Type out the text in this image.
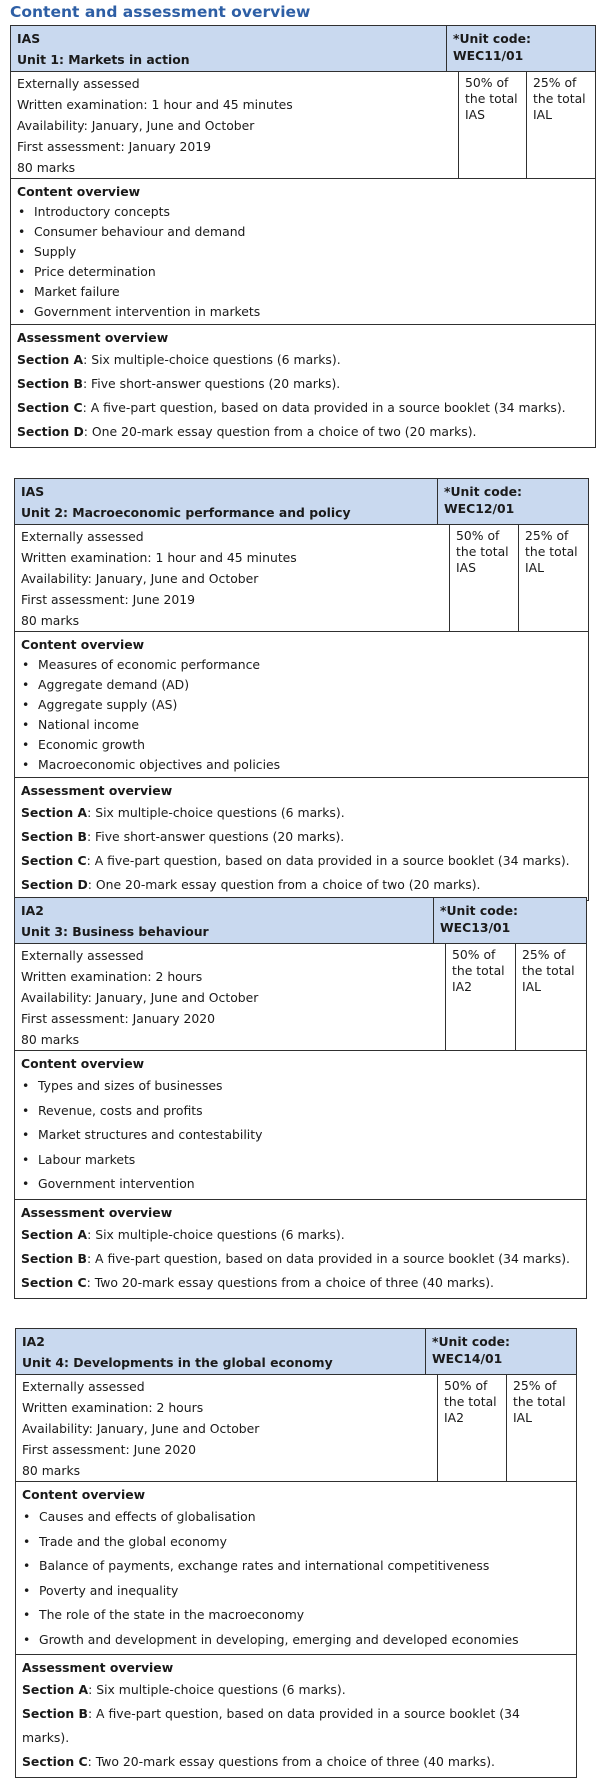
Content and assessment overview
IAS
Unit 1: Markets in action
*Unit code:
WEC11/01
Externally assessed
Written examination: 1 hour and 45 minutes
Availability: January, June and October
First assessment: January 2019
80 marks
50% of
the total
IAS
25% of
the total
IAL
Content overview
• Introductory concepts
• Consumer behaviour and demand
• Supply
• Price determination
• Market failure
• Government intervention in markets
Assessment overview
Section A: Six multiple-choice questions (6 marks).
Section B: Five short-answer questions (20 marks).
Section C: A five-part question, based on data provided in a source booklet (34 marks).
Section D: One 20-mark essay question from a choice of two (20 marks).
IAS
Unit 2: Macroeconomic performance and policy
*Unit code:
WEC12/01
Externally assessed
Written examination: 1 hour and 45 minutes
Availability: January, June and October
First assessment: June 2019
80 marks
50% of
the total
IAS
25% of
the total
IAL
Content overview
• Measures of economic performance
• Aggregate demand (AD)
• Aggregate supply (AS)
• National income
• Economic growth
• Macroeconomic objectives and policies
Assessment overview
Section A: Six multiple-choice questions (6 marks).
Section B: Five short-answer questions (20 marks).
Section C: A five-part question, based on data provided in a source booklet (34 marks).
Section D: One 20-mark essay question from a choice of two (20 marks).
IA2
Unit 3: Business behaviour
*Unit code:
WEC13/01
Externally assessed
Written examination: 2 hours
Availability: January, June and October
First assessment: January 2020
80 marks
50% of
the total
IA2
25% of
the total
IAL
Content overview
• Types and sizes of businesses
• Revenue, costs and profits
• Market structures and contestability
• Labour markets
• Government intervention
Assessment overview
Section A: Six multiple-choice questions (6 marks).
Section B: A five-part question, based on data provided in a source booklet (34 marks).
Section C: Two 20-mark essay questions from a choice of three (40 marks).
IA2
Unit 4: Developments in the global economy
*Unit code:
WEC14/01
Externally assessed
Written examination: 2 hours
Availability: January, June and October
First assessment: June 2020
80 marks
50% of
the total
IA2
25% of
the total
IAL
Content overview
• Causes and effects of globalisation
• Trade and the global economy
• Balance of payments, exchange rates and international competitiveness
• Poverty and inequality
• The role of the state in the macroeconomy
• Growth and development in developing, emerging and developed economies
Assessment overview
Section A: Six multiple-choice questions (6 marks).
Section B: A five-part question, based on data provided in a source booklet (34 marks).
Section C: Two 20-mark essay questions from a choice of three (40 marks).
